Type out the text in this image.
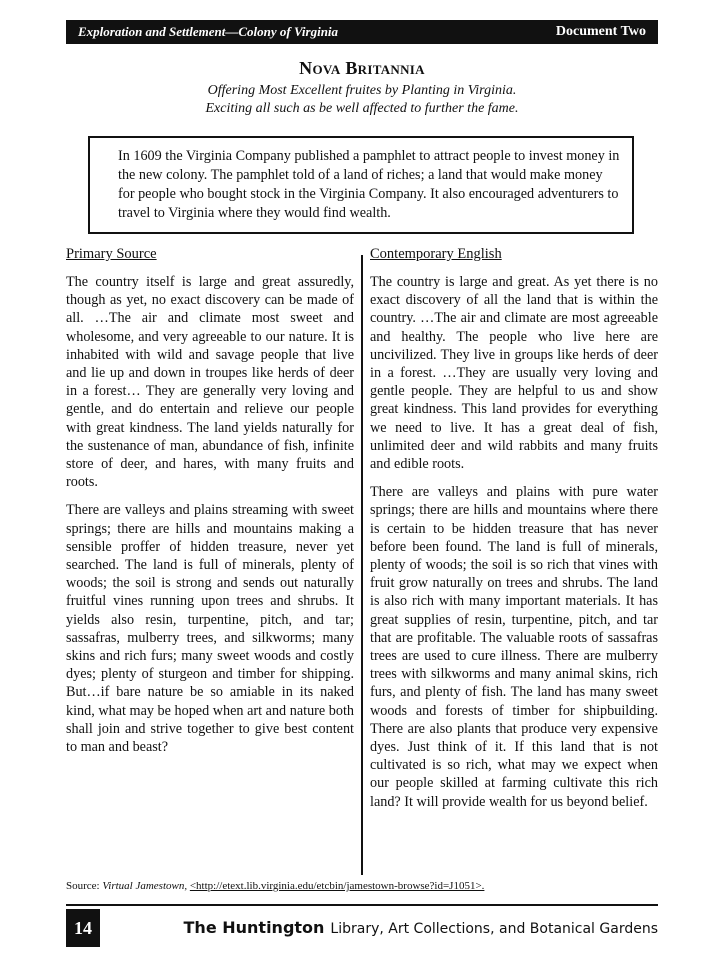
Exploration and Settlement—Colony of Virginia	Document Two
Nova Britannia
Offering Most Excellent fruites by Planting in Virginia.
Exciting all such as be well affected to further the fame.
In 1609 the Virginia Company published a pamphlet to attract people to invest money in the new colony. The pamphlet told of a land of riches; a land that would make money for people who bought stock in the Virginia Company. It also encouraged adventurers to travel to Virginia where they would find wealth.
Primary Source	Contemporary English

The country itself is large and great assuredly, though as yet, no exact discovery can be made of all. …The air and climate most sweet and wholesome, and very agreeable to our nature. It is inhabited with wild and savage people that live and lie up and down in troupes like herds of deer in a forest… They are generally very loving and gentle, and do entertain and relieve our people with great kindness. The land yields naturally for the sustenance of man, abundance of fish, infinite store of deer, and hares, with many fruits and roots.

There are valleys and plains streaming with sweet springs; there are hills and mountains making a sensible proffer of hidden treasure, never yet searched. The land is full of minerals, plenty of woods; the soil is strong and sends out naturally fruitful vines running upon trees and shrubs. It yields also resin, turpentine, pitch, and tar; sassafras, mulberry trees, and silkworms; many skins and rich furs; many sweet woods and costly dyes; plenty of sturgeon and timber for shipping. But…if bare nature be so amiable in its naked kind, what may be hoped when art and nature both shall join and strive together to give best content to man and beast?

The country is large and great. As yet there is no exact discovery of all the land that is within the country. …The air and climate are most agreeable and healthy. The people who live here are uncivilized. They live in groups like herds of deer in a forest. …They are usually very loving and gentle people. They are helpful to us and show great kindness. This land provides for everything we need to live. It has a great deal of fish, unlimited deer and wild rabbits and many fruits and edible roots.

There are valleys and plains with pure water springs; there are hills and mountains where there is certain to be hidden treasure that has never before been found. The land is full of minerals, plenty of woods; the soil is so rich that vines with fruit grow naturally on trees and shrubs. The land is also rich with many important materials. It has great supplies of resin, turpentine, pitch, and tar that are profitable. The valuable roots of sassafras trees are used to cure illness. There are mulberry trees with silkworms and many animal skins, rich furs, and plenty of fish. The land has many sweet woods and forests of timber for shipbuilding. There are also plants that produce very expensive dyes. Just think of it. If this land that is not cultivated is so rich, what may we expect when our people skilled at farming cultivate this rich land? It will provide wealth for us beyond belief.

Source: Virtual Jamestown, <http://etext.lib.virginia.edu/etcbin/jamestown-browse?id=J1051>.
14	The Huntington Library, Art Collections, and Botanical Gardens
